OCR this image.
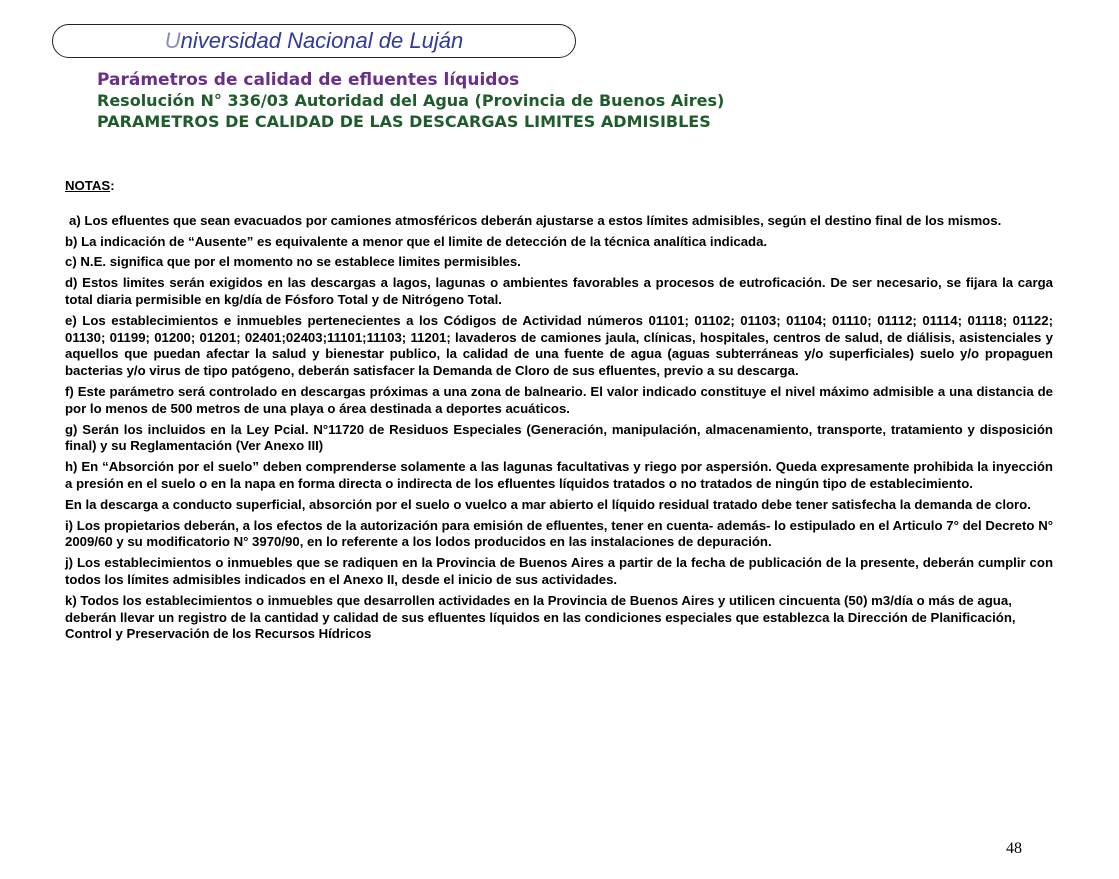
Universidad Nacional de Luján
Parámetros de calidad de efluentes líquidos
Resolución N° 336/03 Autoridad del Agua (Provincia de Buenos Aires)
PARAMETROS DE CALIDAD DE LAS DESCARGAS LIMITES ADMISIBLES
NOTAS:
a) Los efluentes que sean evacuados por camiones atmosféricos deberán ajustarse a estos límites admisibles, según el destino final de los mismos.
b) La indicación de “Ausente” es equivalente a menor que el limite de detección de la técnica analítica indicada.
c) N.E. significa que por el momento no se establece limites permisibles.
d) Estos limites serán exigidos en las descargas a lagos, lagunas o ambientes favorables a procesos de eutroficación. De ser necesario, se fijara la carga total diaria permisible en kg/día de Fósforo Total y de Nitrógeno Total.
e) Los establecimientos e inmuebles pertenecientes a los Códigos de Actividad números 01101; 01102; 01103; 01104; 01110; 01112; 01114; 01118; 01122; 01130; 01199; 01200; 01201; 02401;02403;11101;11103; 11201; lavaderos de camiones jaula, clínicas, hospitales, centros de salud, de diálisis, asistenciales y aquellos que puedan afectar la salud y bienestar publico, la calidad de una fuente de agua (aguas subterráneas y/o superficiales) suelo y/o propaguen bacterias y/o virus de tipo patógeno, deberán satisfacer la Demanda de Cloro de sus efluentes, previo a su descarga.
f) Este parámetro será controlado en descargas próximas a una zona de balneario. El valor indicado constituye el nivel máximo admisible a una distancia de por lo menos de 500 metros de una playa o área destinada a deportes acuáticos.
g) Serán los incluidos en la Ley Pcial. N°11720 de Residuos Especiales (Generación, manipulación, almacenamiento, transporte, tratamiento y disposición final) y su Reglamentación (Ver Anexo III)
h) En “Absorción por el suelo” deben comprenderse solamente a las lagunas facultativas y riego por aspersión. Queda expresamente prohibida la inyección a presión en el suelo o en la napa en forma directa o indirecta de los efluentes líquidos tratados o no tratados de ningún tipo de establecimiento.
En la descarga a conducto superficial, absorción por el suelo o vuelco a mar abierto el líquido residual tratado debe tener satisfecha la demanda de cloro.
i) Los propietarios deberán, a los efectos de la autorización para emisión de efluentes, tener en cuenta- además- lo estipulado en el Articulo 7° del Decreto N° 2009/60 y su modificatorio N° 3970/90, en lo referente a los lodos producidos en las instalaciones de depuración.
j) Los establecimientos o inmuebles que se radiquen en la Provincia de Buenos Aires a partir de la fecha de publicación de la presente, deberán cumplir con todos los límites admisibles indicados en el Anexo II, desde el inicio de sus actividades.
k) Todos los establecimientos o inmuebles que desarrollen actividades en la Provincia de Buenos Aires y utilicen cincuenta (50) m3/día o más de agua, deberán llevar un registro de la cantidad y calidad de sus efluentes líquidos en las condiciones especiales que establezca la Dirección de Planificación, Control y Preservación de los Recursos Hídricos
48
